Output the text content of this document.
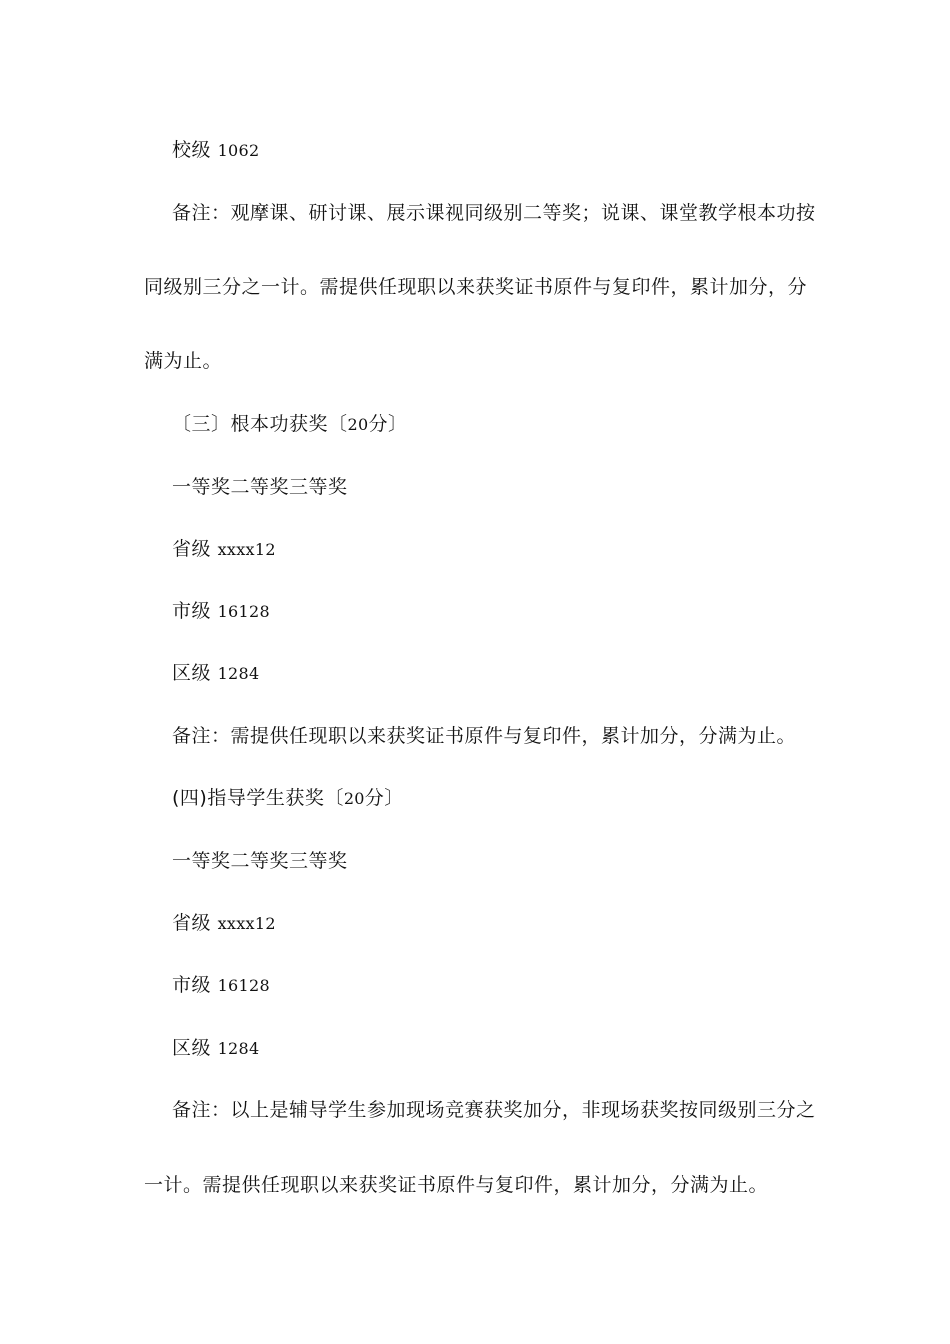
校级 1062
备注：观摩课、研讨课、展示课视同级别二等奖；说课、课堂教学根本功按
同级别三分之一计。需提供任现职以来获奖证书原件与复印件，累计加分，分
满为止。
〔三〕根本功获奖〔20分〕
一等奖二等奖三等奖
省级 xxxx12
市级 16128
区级 1284
备注：需提供任现职以来获奖证书原件与复印件，累计加分，分满为止。
(四)指导学生获奖〔20分〕
一等奖二等奖三等奖
省级 xxxx12
市级 16128
区级 1284
备注：以上是辅导学生参加现场竞赛获奖加分，非现场获奖按同级别三分之
一计。需提供任现职以来获奖证书原件与复印件，累计加分，分满为止。
